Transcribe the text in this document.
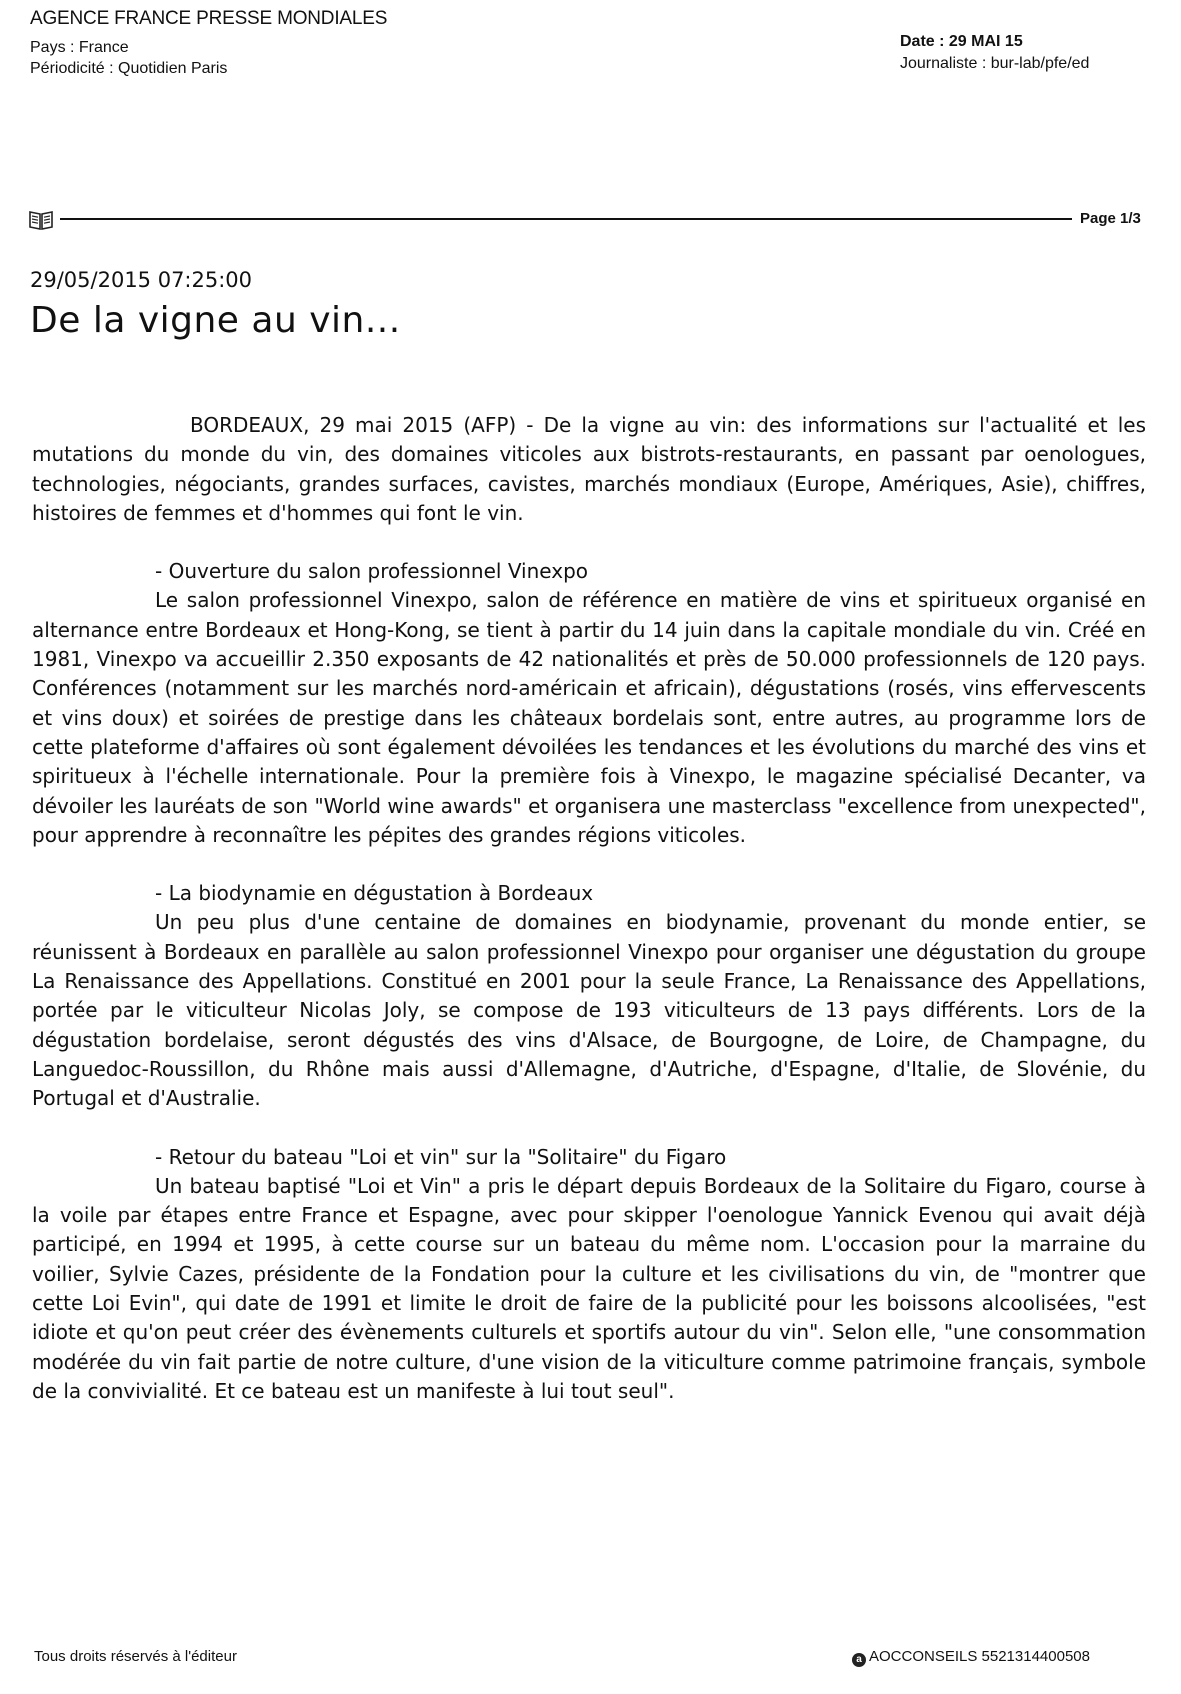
AGENCE FRANCE PRESSE MONDIALES
Pays : France
Périodicité : Quotidien Paris
Date : 29 MAI 15
Journaliste : bur-lab/pfe/ed
Page 1/3
29/05/2015 07:25:00
De la vigne au vin...

BORDEAUX, 29 mai 2015 (AFP) - De la vigne au vin: des informations sur l'actualité et les mutations du monde du vin, des domaines viticoles aux bistrots-restaurants, en passant par oenologues, technologies, négociants, grandes surfaces, cavistes, marchés mondiaux (Europe, Amériques, Asie), chiffres, histoires de femmes et d'hommes qui font le vin.

- Ouverture du salon professionnel Vinexpo

Le salon professionnel Vinexpo, salon de référence en matière de vins et spiritueux organisé en alternance entre Bordeaux et Hong-Kong, se tient à partir du 14 juin dans la capitale mondiale du vin. Créé en 1981, Vinexpo va accueillir 2.350 exposants de 42 nationalités et près de 50.000 professionnels de 120 pays. Conférences (notamment sur les marchés nord-américain et africain), dégustations (rosés, vins effervescents et vins doux) et soirées de prestige dans les châteaux bordelais sont, entre autres, au programme lors de cette plateforme d'affaires où sont également dévoilées les tendances et les évolutions du marché des vins et spiritueux à l'échelle internationale. Pour la première fois à Vinexpo, le magazine spécialisé Decanter, va dévoiler les lauréats de son "World wine awards" et organisera une masterclass "excellence from unexpected", pour apprendre à reconnaître les pépites des grandes régions viticoles.

- La biodynamie en dégustation à Bordeaux

Un peu plus d'une centaine de domaines en biodynamie, provenant du monde entier, se réunissent à Bordeaux en parallèle au salon professionnel Vinexpo pour organiser une dégustation du groupe La Renaissance des Appellations. Constitué en 2001 pour la seule France, La Renaissance des Appellations, portée par le viticulteur Nicolas Joly, se compose de 193 viticulteurs de 13 pays différents. Lors de la dégustation bordelaise, seront dégustés des vins d'Alsace, de Bourgogne, de Loire, de Champagne, du Languedoc-Roussillon, du Rhône mais aussi d'Allemagne, d'Autriche, d'Espagne, d'Italie, de Slovénie, du Portugal et d'Australie.

- Retour du bateau "Loi et vin" sur la "Solitaire" du Figaro

Un bateau baptisé "Loi et Vin" a pris le départ depuis Bordeaux de la Solitaire du Figaro, course à la voile par étapes entre France et Espagne, avec pour skipper l'oenologue Yannick Evenou qui avait déjà participé, en 1994 et 1995, à cette course sur un bateau du même nom. L'occasion pour la marraine du voilier, Sylvie Cazes, présidente de la Fondation pour la culture et les civilisations du vin, de "montrer que cette Loi Evin", qui date de 1991 et limite le droit de faire de la publicité pour les boissons alcoolisées, "est idiote et qu'on peut créer des évènements culturels et sportifs autour du vin". Selon elle, "une consommation modérée du vin fait partie de notre culture, d'une vision de la viticulture comme patrimoine français, symbole de la convivialité. Et ce bateau est un manifeste à lui tout seul".

Tous droits réservés à l'éditeur	a AOCCONSEILS 5521314400508
